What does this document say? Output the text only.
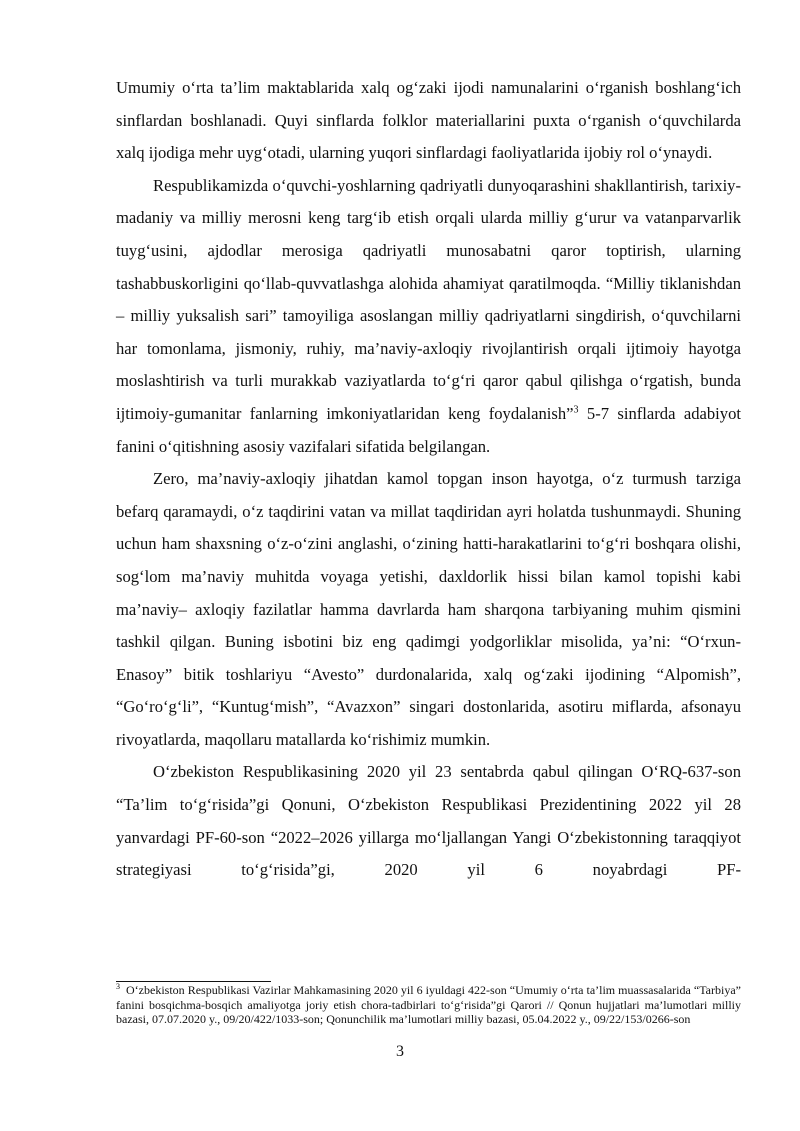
Umumiy o‘rta ta’lim maktablarida xalq og‘zaki ijodi namunalarini o‘rganish boshlang‘ich sinflardan boshlanadi. Quyi sinflarda folklor materiallarini puxta o‘rganish o‘quvchilarda xalq ijodiga mehr uyg‘otadi, ularning yuqori sinflardagi faoliyatlarida ijobiy rol o‘ynaydi.

Respublikamizda o‘quvchi-yoshlarning qadriyatli dunyoqarashini shakllantirish, tarixiy-madaniy va milliy merosni keng targ‘ib etish orqali ularda milliy g‘urur va vatanparvarlik tuyg‘usini, ajdodlar merosiga qadriyatli munosabatni qaror toptirish, ularning tashabbuskorligini qo‘llab-quvvatlashga alohida ahamiyat qaratilmoqda. “Milliy tiklanishdan – milliy yuksalish sari” tamoyiliga asoslangan milliy qadriyatlarni singdirish, o‘quvchilarni har tomonlama, jismoniy, ruhiy, ma’naviy-axloqiy rivojlantirish orqali ijtimoiy hayotga moslashtirish va turli murakkab vaziyatlarda to‘g‘ri qaror qabul qilishga o‘rgatish, bunda ijtimoiy-gumanitar fanlarning imkoniyatlaridan keng foydalanish”$^3$ 5-7 sinflarda adabiyot fanini o‘qitishning asosiy vazifalari sifatida belgilangan.

Zero, ma’naviy-axloqiy jihatdan kamol topgan inson hayotga, o‘z turmush tarziga befarq qaramaydi, o‘z taqdirini vatan va millat taqdiridan ayri holatda tushunmaydi. Shuning uchun ham shaxsning o‘z-o‘zini anglashi, o‘zining hatti-harakatlarini to‘g‘ri boshqara olishi, sog‘lom ma’naviy muhitda voyaga yetishi, daxldorlik hissi bilan kamol topishi kabi ma’naviy– axloqiy fazilatlar hamma davrlarda ham sharqona tarbiyaning muhim qismini tashkil qilgan. Buning isbotini biz eng qadimgi yodgorliklar misolida, ya’ni: “O‘rxun-Enasoy” bitik toshlariyu “Avesto” durdonalarida, xalq og‘zaki ijodining “Alpomish”, “Go‘ro‘g‘li”, “Kuntug‘mish”, “Avazxon” singari dostonlarida, asotiru miflarda, afsonayu rivoyatlarda, maqollaru matallarda ko‘rishimiz mumkin.

O‘zbekiston Respublikasining 2020 yil 23 sentabrda qabul qilingan O‘RQ-637-son “Ta’lim to‘g‘risida”gi Qonuni, O‘zbekiston Respublikasi Prezidentining 2022 yil 28 yanvardagi PF-60-son “2022–2026 yillarga mo‘ljallangan Yangi O‘zbekistonning taraqqiyot strategiyasi to‘g‘risida”gi, 2020 yil 6 noyabrdagi PF-

$^3$ O‘zbekiston Respublikasi Vazirlar Mahkamasining 2020 yil 6 iyuldagi 422-son “Umumiy o‘rta ta’lim muassasalarida “Tarbiya” fanini bosqichma-bosqich amaliyotga joriy etish chora-tadbirlari to‘g‘risida”gi Qarori // Qonun hujjatlari ma’lumotlari milliy bazasi, 07.07.2020 y., 09/20/422/1033-son; Qonunchilik ma’lumotlari milliy bazasi, 05.04.2022 y., 09/22/153/0266-son
3
